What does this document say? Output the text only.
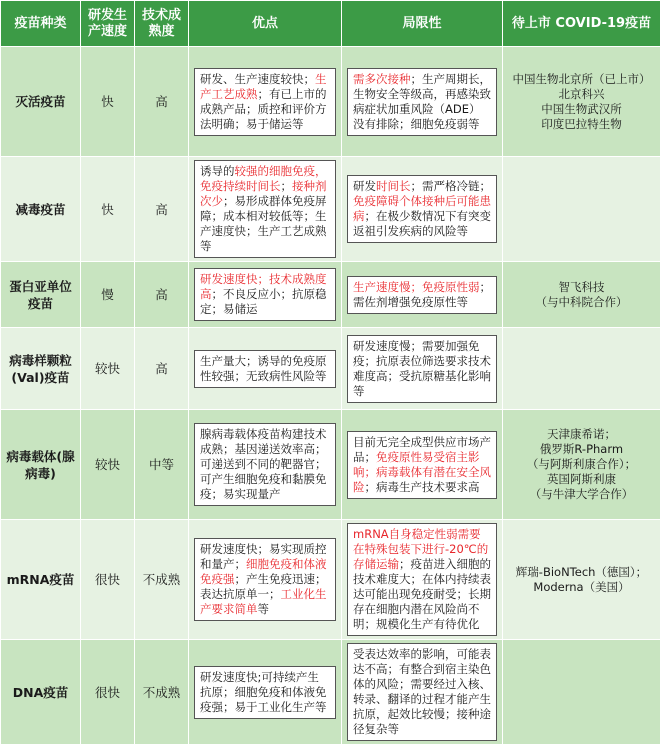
疫苗种类	研发生产速度	技术成熟度	优点	局限性	待上市 COVID-19疫苗
灭活疫苗	快	高	研发、生产速度较快；生产工艺成熟；有已上市的成熟产品；质控和评价方法明确；易于储运等	需多次接种；生产周期长，生物安全等级高，再感染致病症状加重风险（ADE）没有排除；细胞免疫弱等	中国生物北京所（已上市）
北京科兴
中国生物武汉所
印度巴拉特生物

减毒疫苗	快	高	诱导的较强的细胞免疫，免疫持续时间长；接种剂次少；易形成群体免疫屏障；成本相对较低等；生产速度快；生产工艺成熟等	研发时间长；需严格冷链；免疫障碍个体接种后可能患病；在极少数情况下有突变返祖引发疾病的风险等	

蛋白亚单位疫苗	慢	高	研发速度快；技术成熟度高；不良反应小；抗原稳定；易储运	生产速度慢；免疫原性弱；需佐剂增强免疫原性等	智飞科技
（与中科院合作）

病毒样颗粒(Val)疫苗	较快	高	生产量大；诱导的免疫原性较强；无致病性风险等	研发速度慢；需要加强免疫；抗原表位筛选要求技术难度高；受抗原糖基化影响等	

病毒载体(腺病毒)	较快	中等	腺病毒载体疫苗构建技术成熟；基因递送效率高；可递送到不同的靶器官；可产生细胞免疫和黏膜免疫；易实现量产	目前无完全成型供应市场产品；免疫原性易受宿主影响；病毒载体有潜在安全风险；病毒生产技术要求高	天津康希诺；
俄罗斯R-Pharm
（与阿斯利康合作）；
英国阿斯利康
（与牛津大学合作）

mRNA疫苗	很快	不成熟	研发速度快；易实现质控和量产；细胞免疫和体液免疫强；产生免疫迅速；表达抗原单一；工业化生产要求简单等	mRNA自身稳定性弱需要在特殊包装下进行-20℃的存储运输；疫苗进入细胞的技术难度大；在体内持续表达可能出现免疫耐受；长期存在细胞内潜在风险尚不明；规模化生产有待优化	辉瑞-BioNTech（德国）；
Moderna（美国）

DNA疫苗	很快	不成熟	研发速度快;可持续产生抗原；细胞免疫和体液免疫强；易于工业化生产等	受表达效率的影响，可能表达不高；有整合到宿主染色体的风险；需要经过入核、转录、翻译的过程才能产生抗原，起效比较慢；接种途径复杂等	
